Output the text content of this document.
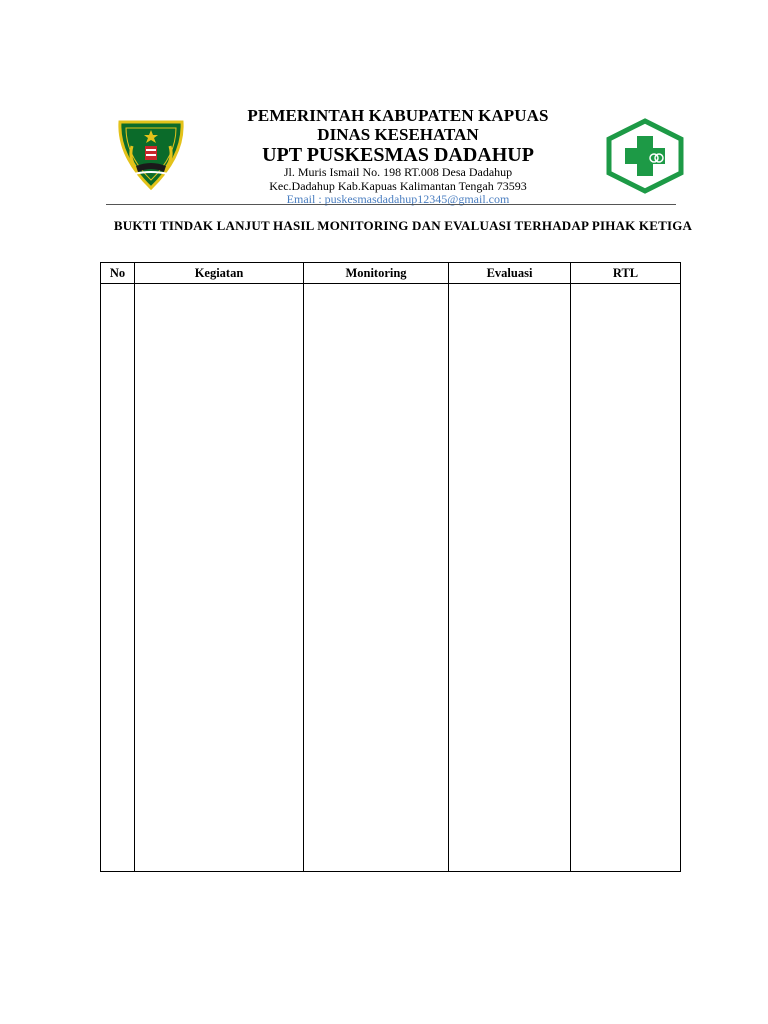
PEMERINTAH KABUPATEN KAPUAS
DINAS KESEHATAN
UPT PUSKESMAS DADAHUP
Jl. Muris Ismail No. 198 RT.008 Desa Dadahup
Kec.Dadahup Kab.Kapuas Kalimantan Tengah 73593
Email : puskesmasdadahup12345@gmail.com
BUKTI TINDAK LANJUT HASIL MONITORING DAN EVALUASI TERHADAP PIHAK KETIGA
No	Kegiatan	Monitoring	Evaluasi	RTL
